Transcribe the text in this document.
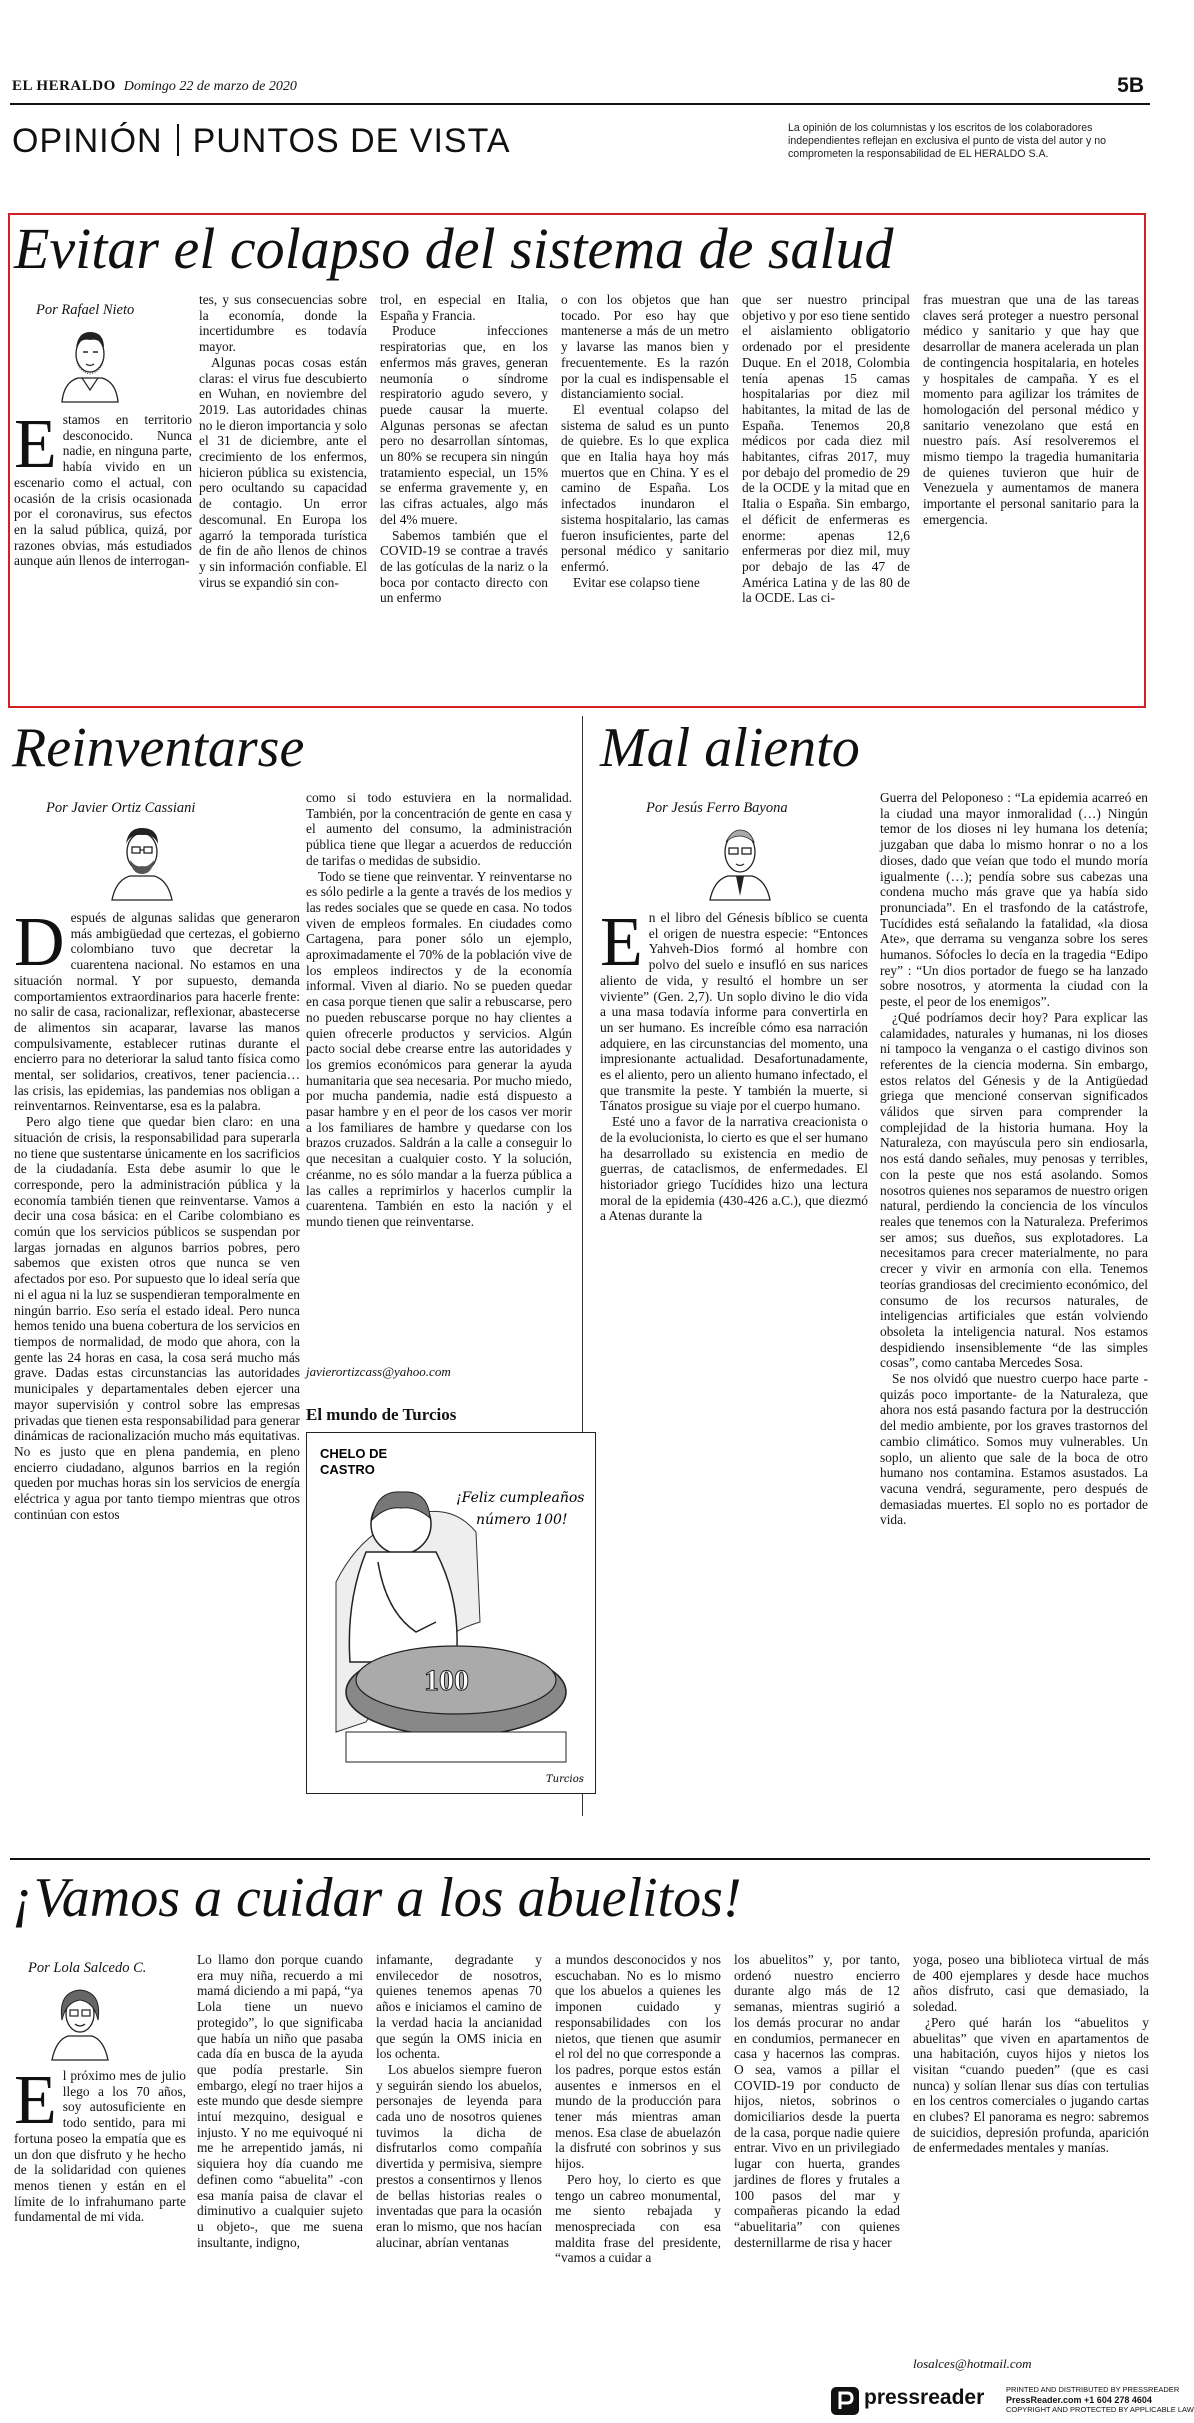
EL HERALDO Domingo 22 de marzo de 2020	5B
OPINIÓN PUNTOS DE VISTA	La opinión de los columnistas y los escritos de los colaboradores independientes reflejan en exclusiva el punto de vista del autor y no comprometen la responsabilidad de EL HERALDO S.A.
Evitar el colapso del sistema de salud
Por Rafael Nieto
Estamos en territorio desconocido. Nunca nadie, en ninguna parte, había vivido en un escenario como el actual, con ocasión de la crisis ocasionada por el coronavirus, sus efectos en la salud pública, quizá, por razones obvias, más estudiados aunque aún llenos de interrogan-
tes, y sus consecuencias sobre la economía, donde la incertidumbre es todavía mayor.
Algunas pocas cosas están claras: el virus fue descubierto en Wuhan, en noviembre del 2019. Las autoridades chinas no le dieron importancia y solo el 31 de diciembre, ante el crecimiento de los enfermos, hicieron pública su existencia, pero ocultando su capacidad de contagio. Un error descomunal. En Europa los agarró la temporada turística de fin de año llenos de chinos y sin información confiable. El virus se expandió sin con-
trol, en especial en Italia, España y Francia.
Produce infecciones respiratorias que, en los enfermos más graves, generan neumonía o síndrome respiratorio agudo severo, y puede causar la muerte. Algunas personas se afectan pero no desarrollan síntomas, un 80% se recupera sin ningún tratamiento especial, un 15% se enferma gravemente y, en las cifras actuales, algo más del 4% muere.
Sabemos también que el COVID-19 se contrae a través de las gotículas de la nariz o la boca por contacto directo con un enfermo
o con los objetos que han tocado. Por eso hay que mantenerse a más de un metro y lavarse las manos bien y frecuentemente. Es la razón por la cual es indispensable el distanciamiento social.
El eventual colapso del sistema de salud es un punto de quiebre. Es lo que explica que en Italia haya hoy más muertos que en China. Y es el camino de España. Los infectados inundaron el sistema hospitalario, las camas fueron insuficientes, parte del personal médico y sanitario enfermó.
Evitar ese colapso tiene
que ser nuestro principal objetivo y por eso tiene sentido el aislamiento obligatorio ordenado por el presidente Duque. En el 2018, Colombia tenía apenas 15 camas hospitalarias por diez mil habitantes, la mitad de las de España. Tenemos 20,8 médicos por cada diez mil habitantes, cifras 2017, muy por debajo del promedio de 29 de la OCDE y la mitad que en Italia o España. Sin embargo, el déficit de enfermeras es enorme: apenas 12,6 enfermeras por diez mil, muy por debajo de las 47 de América Latina y de las 80 de la OCDE. Las ci-
fras muestran que una de las tareas claves será proteger a nuestro personal médico y sanitario y que hay que desarrollar de manera acelerada un plan de contingencia hospitalaria, en hoteles y hospitales de campaña. Y es el momento para agilizar los trámites de homologación del personal médico y sanitario venezolano que está en nuestro país. Así resolveremos el mismo tiempo la tragedia humanitaria de quienes tuvieron que huir de Venezuela y aumentamos de manera importante el personal sanitario para la emergencia.
Reinventarse
Por Javier Ortiz Cassiani
Después de algunas salidas que generaron más ambigüedad que certezas, el gobierno colombiano tuvo que decretar la cuarentena nacional. No estamos en una situación normal. Y por supuesto, demanda comportamientos extraordinarios para hacerle frente: no salir de casa, racionalizar, reflexionar, abastecerse de alimentos sin acaparar, lavarse las manos compulsivamente, establecer rutinas durante el encierro para no deteriorar la salud tanto física como mental, ser solidarios, creativos, tener paciencia… las crisis, las epidemias, las pandemias nos obligan a reinventarnos. Reinventarse, esa es la palabra.
Pero algo tiene que quedar bien claro: en una situación de crisis, la responsabilidad para superarla no tiene que sustentarse únicamente en los sacrificios de la ciudadanía. Esta debe asumir lo que le corresponde, pero la administración pública y la economía también tienen que reinventarse. Vamos a decir una cosa básica: en el Caribe colombiano es común que los servicios públicos se suspendan por largas jornadas en algunos barrios pobres, pero sabemos que existen otros que nunca se ven afectados por eso. Por supuesto que lo ideal sería que ni el agua ni la luz se suspendieran temporalmente en ningún barrio. Eso sería el estado ideal. Pero nunca hemos tenido una buena cobertura de los servicios en tiempos de normalidad, de modo que ahora, con la gente las 24 horas en casa, la cosa será mucho más grave. Dadas estas circunstancias las autoridades municipales y departamentales deben ejercer una mayor supervisión y control sobre las empresas privadas que tienen esta responsabilidad para generar dinámicas de racionalización mucho más equitativas. No es justo que en plena pandemia, en pleno encierro ciudadano, algunos barrios en la región queden por muchas horas sin los servicios de energía eléctrica y agua por tanto tiempo mientras que otros continúan con estos
como si todo estuviera en la normalidad. También, por la concentración de gente en casa y el aumento del consumo, la administración pública tiene que llegar a acuerdos de reducción de tarifas o medidas de subsidio.
Todo se tiene que reinventar. Y reinventarse no es sólo pedirle a la gente a través de los medios y las redes sociales que se quede en casa. No todos viven de empleos formales. En ciudades como Cartagena, para poner sólo un ejemplo, aproximadamente el 70% de la población vive de los empleos indirectos y de la economía informal. Viven al diario. No se pueden quedar en casa porque tienen que salir a rebuscarse, pero no pueden rebuscarse porque no hay clientes a quien ofrecerle productos y servicios. Algún pacto social debe crearse entre las autoridades y los gremios económicos para generar la ayuda humanitaria que sea necesaria. Por mucho miedo, por mucha pandemia, nadie está dispuesto a pasar hambre y en el peor de los casos ver morir a los familiares de hambre y quedarse con los brazos cruzados. Saldrán a la calle a conseguir lo que necesitan a cualquier costo. Y la solución, créanme, no es sólo mandar a la fuerza pública a las calles a reprimirlos y hacerlos cumplir la cuarentena. También en esto la nación y el mundo tienen que reinventarse.
javierortizcass@yahoo.com
El mundo de Turcios
CHELO DE
CASTRO
¡Feliz cumpleaños
número 100!
100
Turcios
Mal aliento
Por Jesús Ferro Bayona
En el libro del Génesis bíblico se cuenta el origen de nuestra especie: “Entonces Yahveh-Dios formó al hombre con polvo del suelo e insufló en sus narices aliento de vida, y resultó el hombre un ser viviente” (Gen. 2,7). Un soplo divino le dio vida a una masa todavía informe para convertirla en un ser humano. Es increíble cómo esa narración adquiere, en las circunstancias del momento, una impresionante actualidad. Desafortunadamente, es el aliento, pero un aliento humano infectado, el que transmite la peste. Y también la muerte, si Tánatos prosigue su viaje por el cuerpo humano.
Esté uno a favor de la narrativa creacionista o de la evolucionista, lo cierto es que el ser humano ha desarrollado su existencia en medio de guerras, de cataclismos, de enfermedades. El historiador griego Tucídides hizo una lectura moral de la epidemia (430-426 a.C.), que diezmó a Atenas durante la
Guerra del Peloponeso : “La epidemia acarreó en la ciudad una mayor inmoralidad (…) Ningún temor de los dioses ni ley humana los detenía; juzgaban que daba lo mismo honrar o no a los dioses, dado que veían que todo el mundo moría igualmente (…); pendía sobre sus cabezas una condena mucho más grave que ya había sido pronunciada”. En el trasfondo de la catástrofe, Tucídides está señalando la fatalidad, «la diosa Ate», que derrama su venganza sobre los seres humanos. Sófocles lo decía en la tragedia “Edipo rey” : “Un dios portador de fuego se ha lanzado sobre nosotros, y atormenta la ciudad con la peste, el peor de los enemigos”.
¿Qué podríamos decir hoy? Para explicar las calamidades, naturales y humanas, ni los dioses ni tampoco la venganza o el castigo divinos son referentes de la ciencia moderna. Sin embargo, estos relatos del Génesis y de la Antigüedad griega que mencioné conservan significados válidos que sirven para comprender la complejidad de la historia humana. Hoy la Naturaleza, con mayúscula pero sin endiosarla, nos está dando señales, muy penosas y terribles, con la peste que nos está asolando. Somos nosotros quienes nos separamos de nuestro origen natural, perdiendo la conciencia de los vínculos reales que tenemos con la Naturaleza. Preferimos ser amos; sus dueños, sus explotadores. La necesitamos para crecer materialmente, no para crecer y vivir en armonía con ella. Tenemos teorías grandiosas del crecimiento económico, del consumo de los recursos naturales, de inteligencias artificiales que están volviendo obsoleta la inteligencia natural. Nos estamos despidiendo insensiblemente “de las simples cosas”, como cantaba Mercedes Sosa.
Se nos olvidó que nuestro cuerpo hace parte -quizás poco importante- de la Naturaleza, que ahora nos está pasando factura por la destrucción del medio ambiente, por los graves trastornos del cambio climático. Somos muy vulnerables. Un soplo, un aliento que sale de la boca de otro humano nos contamina. Estamos asustados. La vacuna vendrá, seguramente, pero después de demasiadas muertes. El soplo no es portador de vida.
¡Vamos a cuidar a los abuelitos!
Por Lola Salcedo C.
El próximo mes de julio llego a los 70 años, soy autosuficiente en todo sentido, para mi fortuna poseo la empatía que es un don que disfruto y he hecho de la solidaridad con quienes menos tienen y están en el límite de lo infrahumano parte fundamental de mi vida.
Lo llamo don porque cuando era muy niña, recuerdo a mi mamá diciendo a mi papá, “ya Lola tiene un nuevo protegido”, lo que significaba que había un niño que pasaba cada día en busca de la ayuda que podía prestarle. Sin embargo, elegí no traer hijos a este mundo que desde siempre intuí mezquino, desigual e injusto. Y no me equivoqué ni me he arrepentido jamás, ni siquiera hoy día cuando me definen como “abuelita” -con esa manía paisa de clavar el diminutivo a cualquier sujeto u objeto-, que me suena insultante, indigno,
infamante, degradante y envilecedor de nosotros, quienes tenemos apenas 70 años e iniciamos el camino de la verdad hacia la ancianidad que según la OMS inicia en los ochenta.
Los abuelos siempre fueron y seguirán siendo los abuelos, personajes de leyenda para cada uno de nosotros quienes tuvimos la dicha de disfrutarlos como compañía divertida y permisiva, siempre prestos a consentirnos y llenos de bellas historias reales o inventadas que para la ocasión eran lo mismo, que nos hacían alucinar, abrían ventanas
a mundos desconocidos y nos escuchaban. No es lo mismo que los abuelos a quienes les imponen cuidado y responsabilidades con los nietos, que tienen que asumir el rol del no que corresponde a los padres, porque estos están ausentes e inmersos en el mundo de la producción para tener más mientras aman menos. Esa clase de abuelazón la disfruté con sobrinos y sus hijos.
Pero hoy, lo cierto es que tengo un cabreo monumental, me siento rebajada y menospreciada con esa maldita frase del presidente, “vamos a cuidar a
los abuelitos” y, por tanto, ordenó nuestro encierro durante algo más de 12 semanas, mientras sugirió a los demás procurar no andar en condumios, permanecer en casa y hacernos las compras. O sea, vamos a pillar el COVID-19 por conducto de hijos, nietos, sobrinos o domiciliarios desde la puerta de la casa, porque nadie quiere entrar. Vivo en un privilegiado lugar con huerta, grandes jardines de flores y frutales a 100 pasos del mar y compañeras picando la edad “abuelitaria” con quienes desternillarme de risa y hacer
yoga, poseo una biblioteca virtual de más de 400 ejemplares y desde hace muchos años disfruto, casi que demasiado, la soledad.
¿Pero qué harán los “abuelitos y abuelitas” que viven en apartamentos de una habitación, cuyos hijos y nietos los visitan “cuando pueden” (que es casi nunca) y solían llenar sus días con tertulias en los centros comerciales o jugando cartas en clubes? El panorama es negro: sabremos de suicidios, depresión profunda, aparición de enfermedades mentales y manías.
losalces@hotmail.com
pressreader	PRINTED AND DISTRIBUTED BY PRESSREADER
PressReader.com +1 604 278 4604
COPYRIGHT AND PROTECTED BY APPLICABLE LAW
